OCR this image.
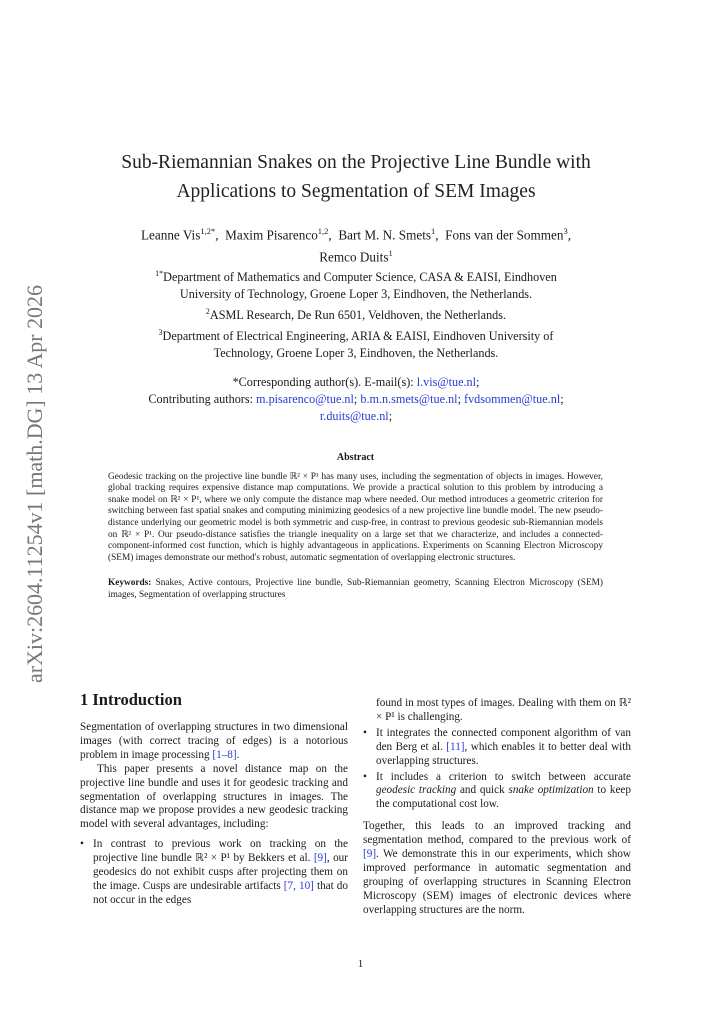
arXiv:2604.11254v1 [math.DG] 13 Apr 2026
Sub-Riemannian Snakes on the Projective Line Bundle with
Applications to Segmentation of SEM Images
Leanne Vis$^{1,2*}$,  Maxim Pisarenco$^{1,2}$,  Bart M. N. Smets$^1$,  Fons van der Sommen$^3$,
Remco Duits$^1$
$^{1*}$Department of Mathematics and Computer Science, CASA & EAISI, Eindhoven
University of Technology, Groene Loper 3, Eindhoven, the Netherlands.
$^2$ASML Research, De Run 6501, Veldhoven, the Netherlands.
$^3$Department of Electrical Engineering, ARIA & EAISI, Eindhoven University of
Technology, Groene Loper 3, Eindhoven, the Netherlands.
*Corresponding author(s). E-mail(s): l.vis@tue.nl;
Contributing authors: m.pisarenco@tue.nl; b.m.n.smets@tue.nl; fvdsommen@tue.nl;
r.duits@tue.nl;
Abstract
Geodesic tracking on the projective line bundle ℝ² × P¹ has many uses, including the segmentation of objects in images. However, global tracking requires expensive distance map computations. We provide a practical solution to this problem by introducing a snake model on ℝ² × P¹, where we only compute the distance map where needed. Our method introduces a geometric criterion for switching between fast spatial snakes and computing minimizing geodesics of a new projective line bundle model. The new pseudo-distance underlying our geometric model is both symmetric and cusp-free, in contrast to previous geodesic sub-Riemannian models on ℝ² × P¹. Our pseudo-distance satisfies the triangle inequality on a large set that we characterize, and includes a connected-component-informed cost function, which is highly advantageous in applications. Experiments on Scanning Electron Microscopy (SEM) images demonstrate our method's robust, automatic segmentation of overlapping electronic structures.
Keywords: Snakes, Active contours, Projective line bundle, Sub-Riemannian geometry, Scanning Electron Microscopy (SEM) images, Segmentation of overlapping structures
1 Introduction

Segmentation of overlapping structures in two dimensional images (with correct tracing of edges) is a notorious problem in image processing [1–8].

This paper presents a novel distance map on the projective line bundle and uses it for geodesic tracking and segmentation of overlapping structures in images. The distance map we propose provides a new geodesic tracking model with several advantages, including:

• In contrast to previous work on tracking on the projective line bundle ℝ² × P¹ by Bekkers et al. [9], our geodesics do not exhibit cusps after projecting them on the image. Cusps are undesirable artifacts [7, 10] that do not occur in the edges
found in most types of images. Dealing with them on ℝ² × P¹ is challenging.
• It integrates the connected component algorithm of van den Berg et al. [11], which enables it to better deal with overlapping structures.
• It includes a criterion to switch between accurate geodesic tracking and quick snake optimization to keep the computational cost low.

Together, this leads to an improved tracking and segmentation method, compared to the previous work of [9]. We demonstrate this in our experiments, which show improved performance in automatic segmentation and grouping of overlapping structures in Scanning Electron Microscopy (SEM) images of electronic devices where overlapping structures are the norm.

1
